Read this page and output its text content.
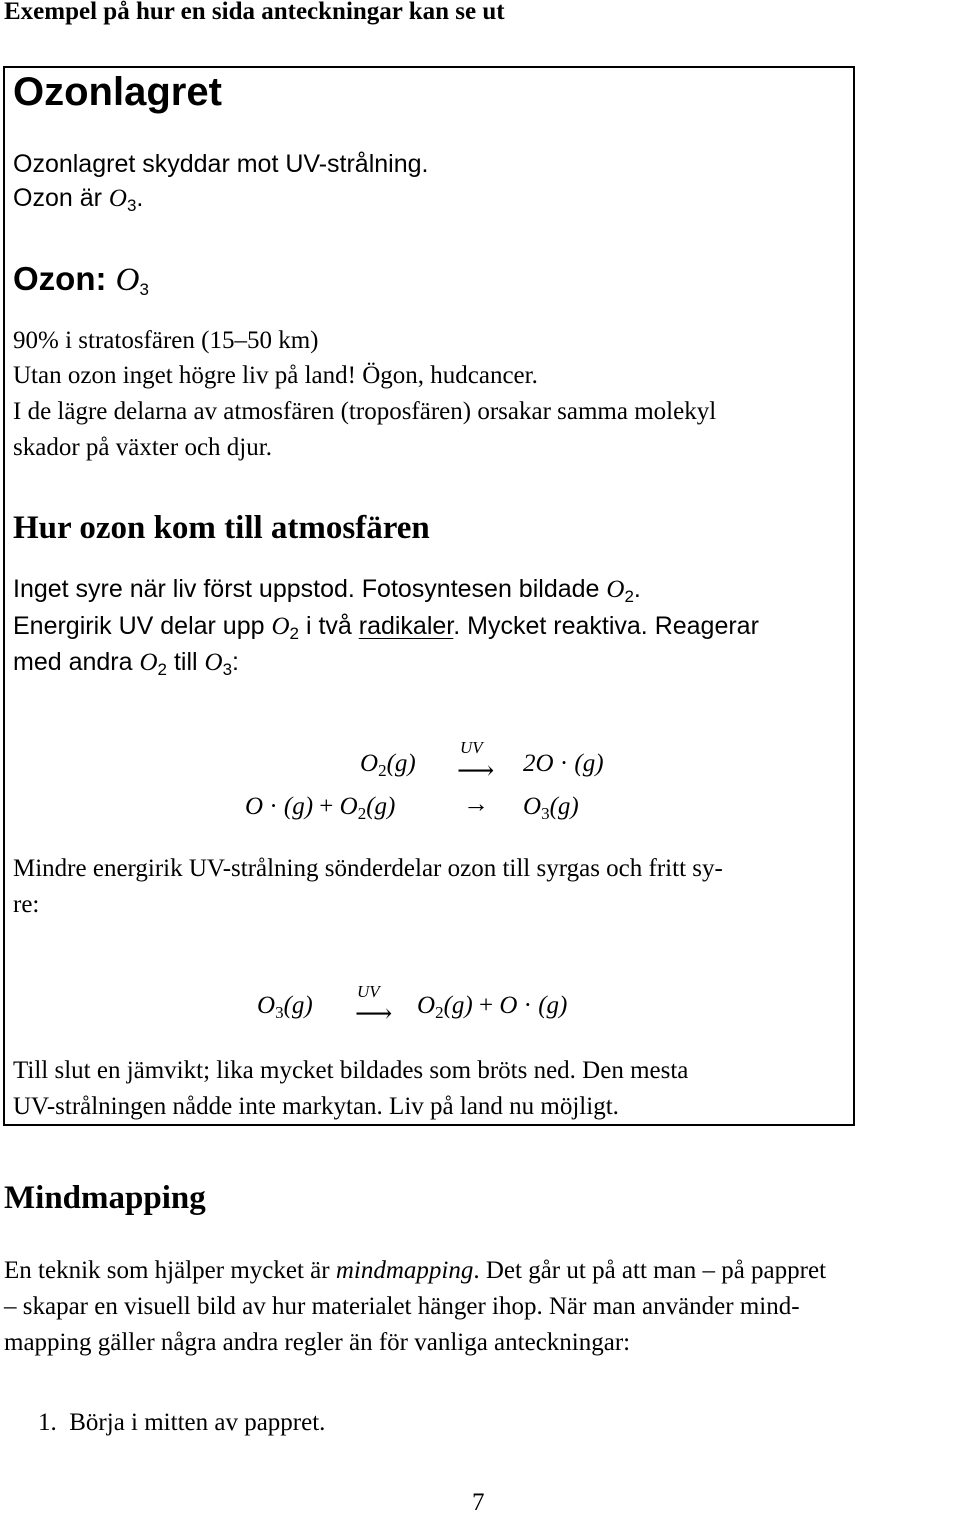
Exempel på hur en sida anteckningar kan se ut
Ozonlagret
Ozonlagret skyddar mot UV-strålning.
Ozon är $O_3$.
Ozon: $O_3$
90% i stratosfären (15–50 km)
Utan ozon inget högre liv på land! Ögon, hudcancer.
I de lägre delarna av atmosfären (troposfären) orsakar samma molekyl
skador på växter och djur.
Hur ozon kom till atmosfären
Inget syre när liv först uppstod. Fotosyntesen bildade $O_2$.
Energirik UV delar upp $O_2$ i två radikaler. Mycket reaktiva. Reagerar
med andra $O_2$ till $O_3$:
$O_2(g)$
UV
⟶ 2O · (g)
$O \cdot (g) + O_2(g)$	→ $O_3(g)$
Mindre energirik UV-strålning sönderdelar ozon till syrgas och fritt sy-
re:
$O_3(g)$
UV
⟶ $O_2(g) + O \cdot (g)$
Till slut en jämvikt; lika mycket bildades som bröts ned. Den mesta
UV-strålningen nådde inte markytan. Liv på land nu möjligt.
Mindmapping
En teknik som hjälper mycket är mindmapping. Det går ut på att man – på pappret
– skapar en visuell bild av hur materialet hänger ihop. När man använder mind-
mapping gäller några andra regler än för vanliga anteckningar:
1. Börja i mitten av pappret.
7
